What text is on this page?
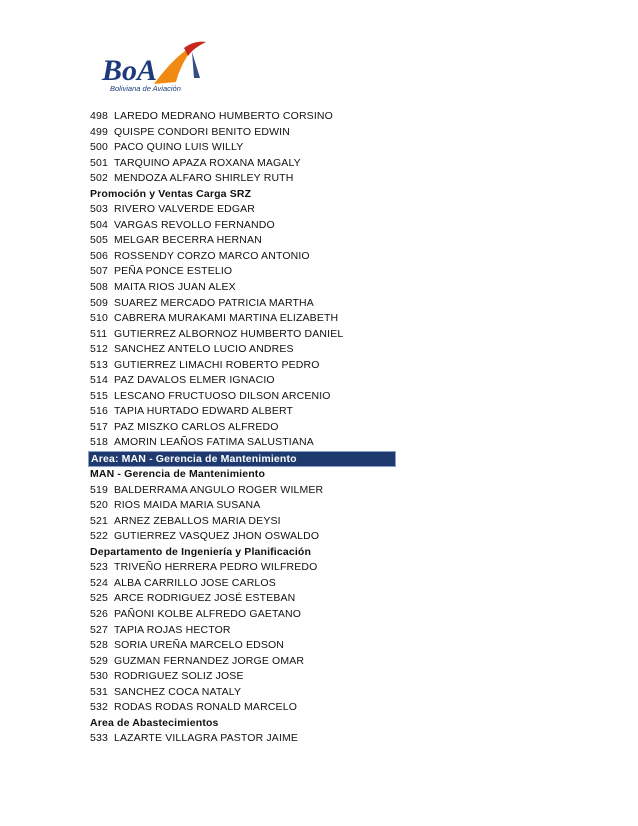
BoA
Boliviana de Aviación
498 LAREDO MEDRANO HUMBERTO CORSINO
499 QUISPE CONDORI BENITO EDWIN
500 PACO QUINO LUIS WILLY
501 TARQUINO APAZA ROXANA MAGALY
502 MENDOZA ALFARO SHIRLEY RUTH
Promoción y Ventas Carga SRZ
503 RIVERO VALVERDE EDGAR
504 VARGAS REVOLLO FERNANDO
505 MELGAR BECERRA HERNAN
506 ROSSENDY CORZO MARCO ANTONIO
507 PEÑA PONCE ESTELIO
508 MAITA RIOS JUAN ALEX
509 SUAREZ MERCADO PATRICIA MARTHA
510 CABRERA MURAKAMI MARTINA ELIZABETH
511 GUTIERREZ ALBORNOZ HUMBERTO DANIEL
512 SANCHEZ ANTELO LUCIO ANDRES
513 GUTIERREZ LIMACHI ROBERTO PEDRO
514 PAZ DAVALOS ELMER IGNACIO
515 LESCANO FRUCTUOSO DILSON ARCENIO
516 TAPIA HURTADO EDWARD ALBERT
517 PAZ MISZKO CARLOS ALFREDO
518 AMORIN LEAÑOS FATIMA SALUSTIANA
Area: MAN - Gerencia de Mantenimiento
MAN - Gerencia de Mantenimiento
519 BALDERRAMA ANGULO ROGER WILMER
520 RIOS MAIDA MARIA SUSANA
521 ARNEZ ZEBALLOS MARIA DEYSI
522 GUTIERREZ VASQUEZ JHON OSWALDO
Departamento de Ingeniería y Planificación
523 TRIVEÑO HERRERA PEDRO WILFREDO
524 ALBA CARRILLO JOSE CARLOS
525 ARCE RODRIGUEZ JOSÉ ESTEBAN
526 PAÑONI KOLBE ALFREDO GAETANO
527 TAPIA ROJAS HECTOR
528 SORIA UREÑA MARCELO EDSON
529 GUZMAN FERNANDEZ JORGE OMAR
530 RODRIGUEZ SOLIZ JOSE
531 SANCHEZ COCA NATALY
532 RODAS RODAS RONALD MARCELO
Area de Abastecimientos
533 LAZARTE VILLAGRA PASTOR JAIME
